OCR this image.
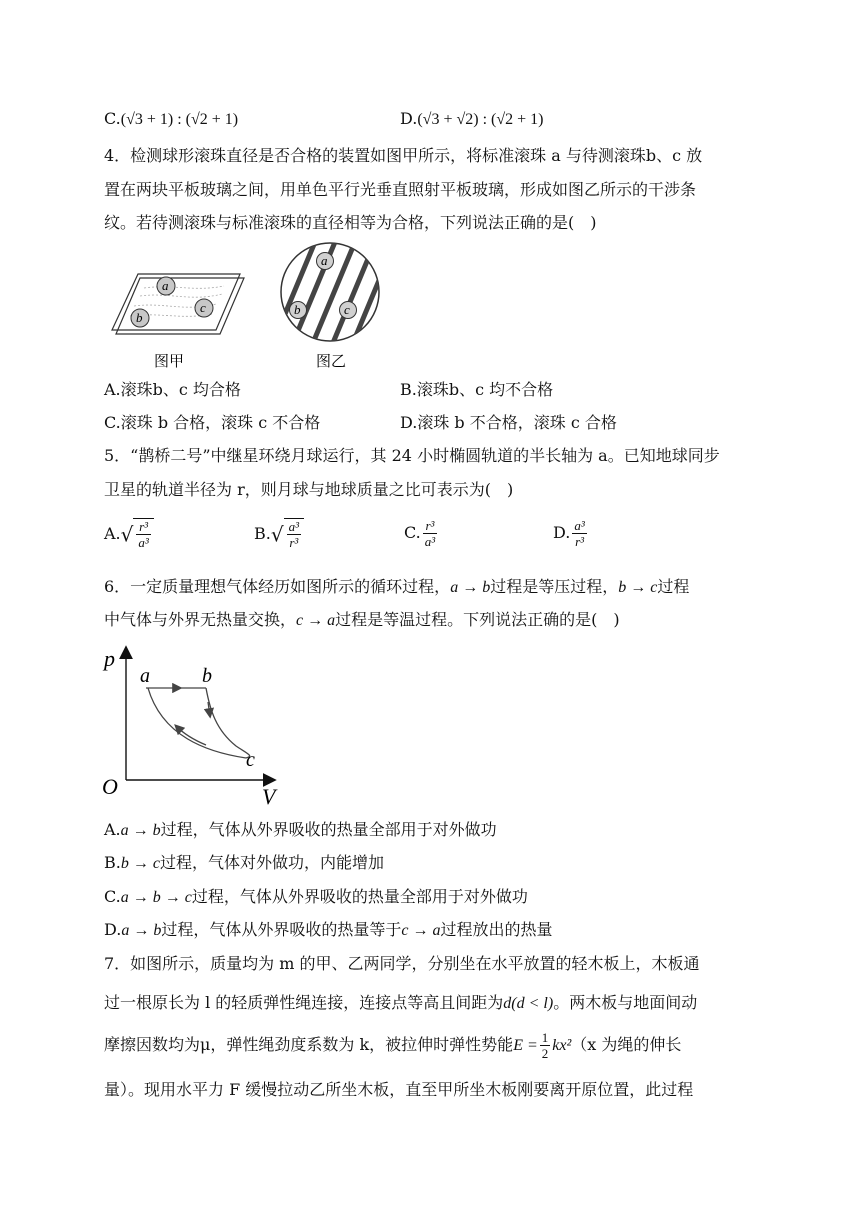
C.(√3 + 1) : (√2 + 1)	D.(√3 + √2) : (√2 + 1)
4．检测球形滚珠直径是否合格的装置如图甲所示，将标准滚珠 a 与待测滚珠b、c 放
置在两块平板玻璃之间，用单色平行光垂直照射平板玻璃，形成如图乙所示的干涉条
纹。若待测滚珠与标准滚珠的直径相等为合格，下列说法正确的是(　)
a
c
b
图甲
a
b	c
图乙
A.滚珠b、c 均合格	B.滚珠b、c 均不合格
C.滚珠 b 合格，滚珠 c 不合格	D.滚珠 b 不合格，滚珠 c 合格
5．“鹊桥二号”中继星环绕月球运行，其 24 小时椭圆轨道的半长轴为 a。已知地球同步
卫星的轨道半径为 r，则月球与地球质量之比可表示为(　)
$A.√ \frac{\text{r³}}{\text{a³}}$	$B.√ \frac{\text{a³}}{\text{r³}}$	C. $\frac{\text{r³}}{\text{a³}}$	D. $\frac{\text{a³}}{\text{r³}}$
6．一定质量理想气体经历如图所示的循环过程，a → b过程是等压过程，b → c过程
中气体与外界无热量交换，c → a过程是等温过程。下列说法正确的是(　)
p
V
O
a	b
c
A.a → b过程，气体从外界吸收的热量全部用于对外做功
B.b → c过程，气体对外做功，内能增加
C.a → b → c过程，气体从外界吸收的热量全部用于对外做功
D.a → b过程，气体从外界吸收的热量等于c → a过程放出的热量
7．如图所示，质量均为 m 的甲、乙两同学，分别坐在水平放置的轻木板上，木板通
过一根原长为 l 的轻质弹性绳连接，连接点等高且间距为d(d < l)。两木板与地面间动
摩擦因数均为μ，弹性绳劲度系数为 k，被拉伸时弹性势能$E = \frac{1}{2} kx^2(x$ 为绳的伸长
量）。现用水平力 F 缓慢拉动乙所坐木板，直至甲所坐木板刚要离开原位置，此过程
